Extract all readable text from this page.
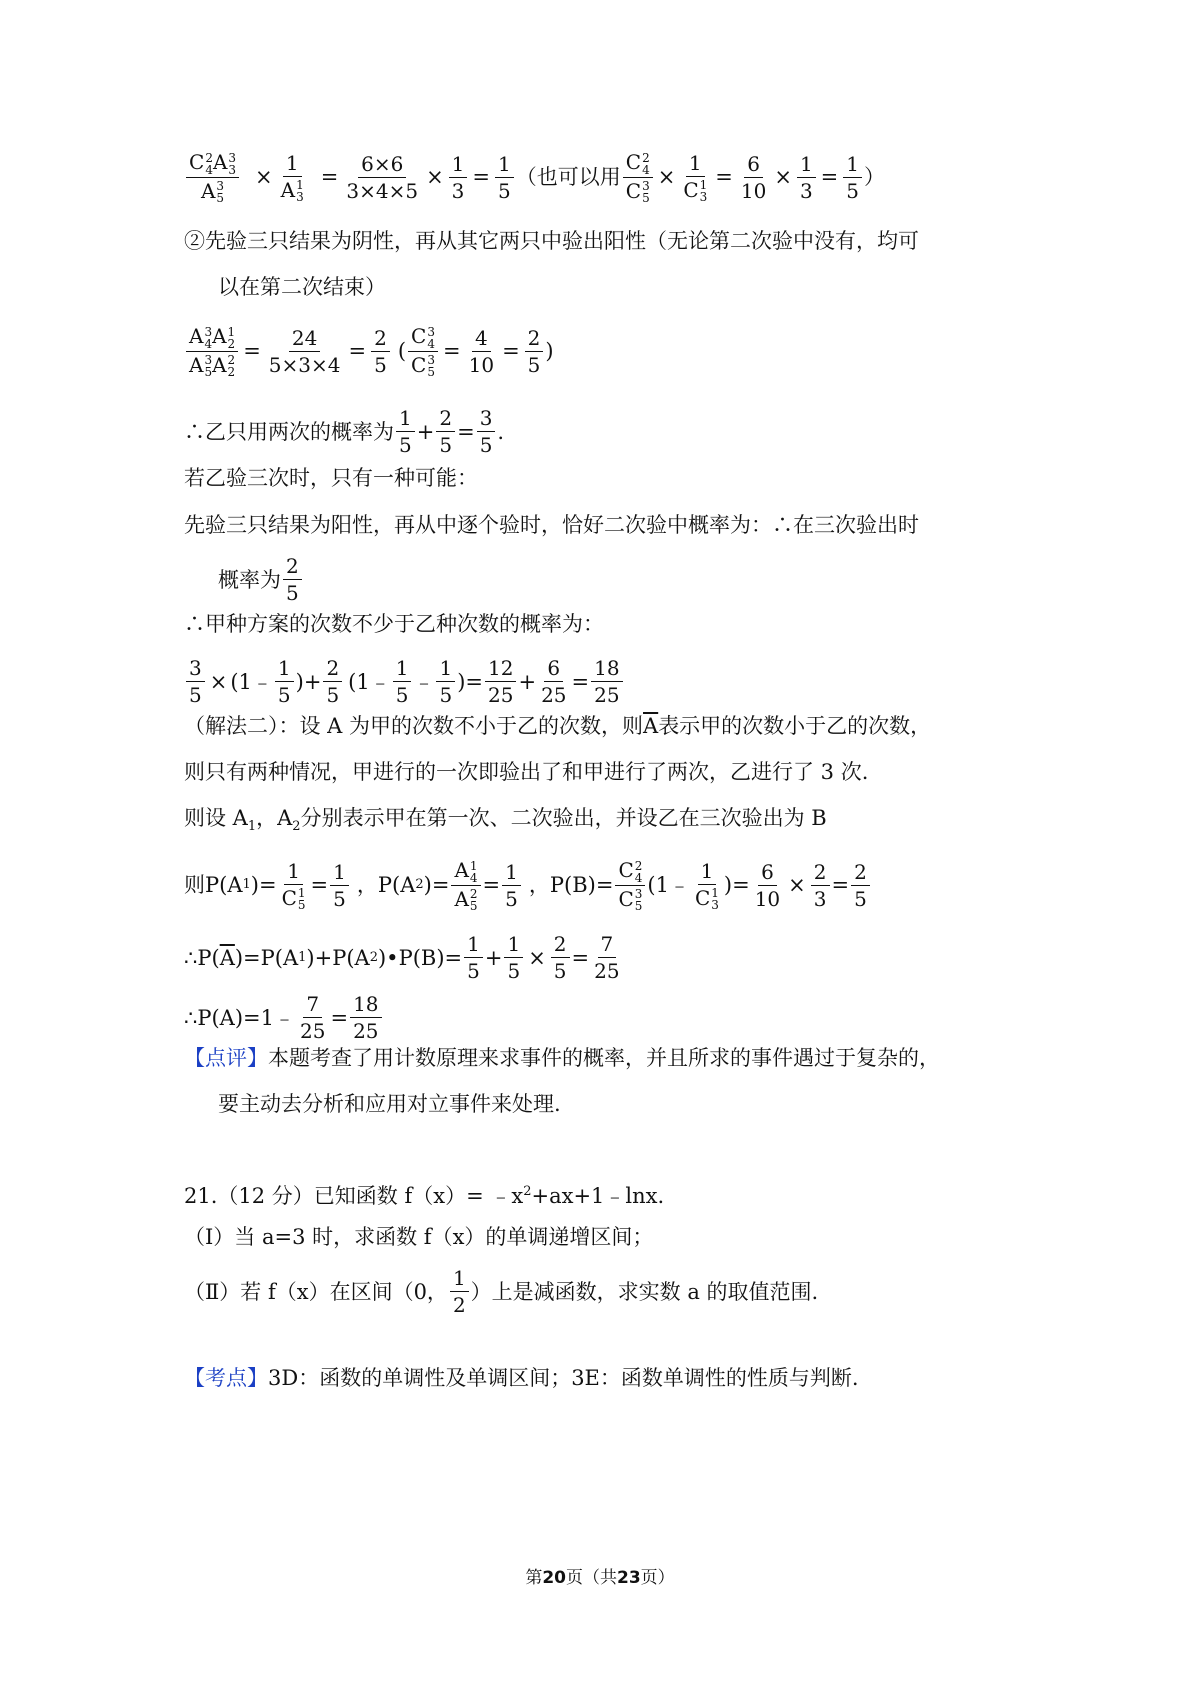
C 2
4 A 3
3
A 3
5 × 1
A 1
$3 = \frac{6\times 6}{3\times 4\times 5} \times \frac{1}{3} = \frac{1}{5}$ （也可以用 C 2
4
C 3
5 × 1
C 1
$3 = \frac{6}{10} \times \frac{1}{3} = \frac{1}{5}$ ）
②先验三只结果为阴性，再从其它两只中验出阳性（无论第二次验中没有，均可
以在第二次结束）
A 3
4 A 1
2
A 3
5 A 2
$2 = \frac{24}{5\times 3\times 4} = \frac{2}{5}$ ( C 3
4
C 3
$5 = \frac{4}{10} = \frac{2}{5}$ )
∴乙只用两次的概率为
1
5
+ $\frac{2}{5} = \frac{3}{5}$ .
若乙验三次时，只有一种可能：
先验三只结果为阳性，再从中逐个验时，恰好二次验中概率为：∴在三次验出时
概率为
2
5
∴甲种方案的次数不少于乙种次数的概率为：
$\frac{3}{5}$ × (1﹣
1
5
)+ $\frac{2}{5}$ (1﹣
1
5
﹣
1
5
)= $\frac{12}{25} + \frac{6}{25} = \frac{18}{25}$
（解法二）：设 A 为甲的次数不小于乙的次数，则$\overline{A}$表示甲的次数小于乙的次数，
则只有两种情况，甲进行的一次即验出了和甲进行了两次，乙进行了 3 次.
则设 $A_1$，$A_2$分别表示甲在第一次、二次验出，并设乙在三次验出为 B
则P(A 1 )= 1
C 1
$5 = \frac{1}{5}$ ，P(A 2 )= A 1
4
A 2
$5 = \frac{1}{5}$ ，P(B)= C 2
4
C 3
5 (1﹣
1
C 1
3
)= $\frac{6}{10} \times \frac{2}{3} = \frac{2}{5}$
$\therefore P(\overline{A})=P(A$ 1 )+P(A 2 )•P(B)= $\frac{1}{5} + \frac{1}{5} \times \frac{2}{5} = \frac{7}{25}$
∴P(A)=1﹣ $\frac{7}{25} = \frac{18}{25}$
【点评】本题考查了用计数原理来求事件的概率，并且所求的事件遇过于复杂的，
要主动去分析和应用对立事件来处理.
21.（12 分）已知函数 $f(x)= ﹣x^2+ax+1﹣\ln x$.
（Ⅰ）当 a=3 时，求函数 f（x）的单调递增区间；
（Ⅱ）若 f（x）在区间（0，
1
2
）上是减函数，求实数 a 的取值范围.
【考点】3D：函数的单调性及单调区间；3E：函数单调性的性质与判断.
第20页（共23页）
